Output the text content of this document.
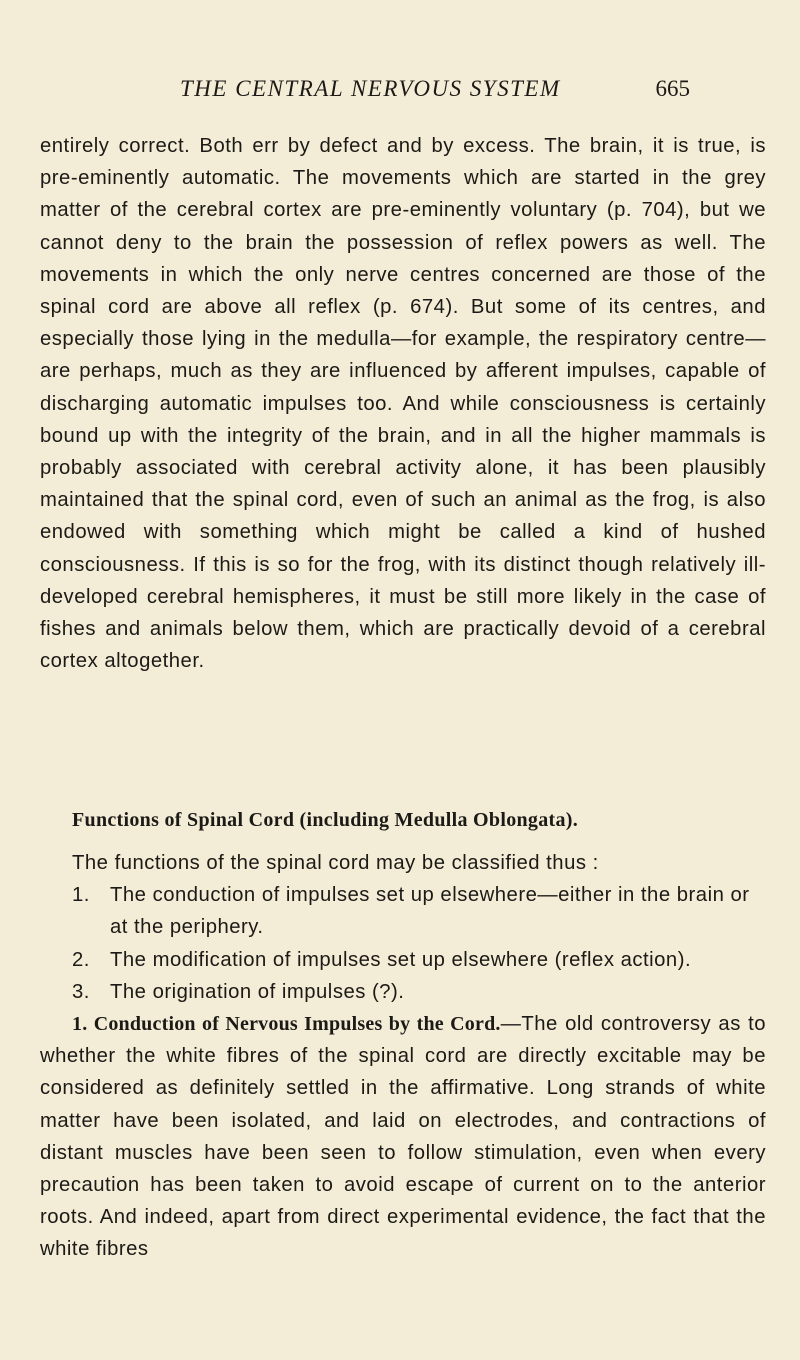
THE CENTRAL NERVOUS SYSTEM	665

entirely correct. Both err by defect and by excess. The brain, it is true, is pre-eminently automatic. The movements which are started in the grey matter of the cerebral cortex are pre-eminently voluntary (p. 704), but we cannot deny to the brain the possession of reflex powers as well. The movements in which the only nerve centres concerned are those of the spinal cord are above all reflex (p. 674). But some of its centres, and especially those lying in the medulla—for example, the respiratory centre—are perhaps, much as they are influenced by afferent impulses, capable of discharging automatic impulses too. And while consciousness is certainly bound up with the integrity of the brain, and in all the higher mammals is probably associated with cerebral activity alone, it has been plausibly maintained that the spinal cord, even of such an animal as the frog, is also endowed with something which might be called a kind of hushed consciousness. If this is so for the frog, with its distinct though relatively ill-developed cerebral hemispheres, it must be still more likely in the case of fishes and animals below them, which are practically devoid of a cerebral cortex altogether.

Functions of Spinal Cord (including Medulla Oblongata).

The functions of the spinal cord may be classified thus :

1. The conduction of impulses set up elsewhere—either in the brain or at the periphery.
2. The modification of impulses set up elsewhere (reflex action).
3. The origination of impulses (?).

1. Conduction of Nervous Impulses by the Cord.—The old controversy as to whether the white fibres of the spinal cord are directly excitable may be considered as definitely settled in the affirmative. Long strands of white matter have been isolated, and laid on electrodes, and contractions of distant muscles have been seen to follow stimulation, even when every precaution has been taken to avoid escape of current on to the anterior roots. And indeed, apart from direct experimental evidence, the fact that the white fibres
